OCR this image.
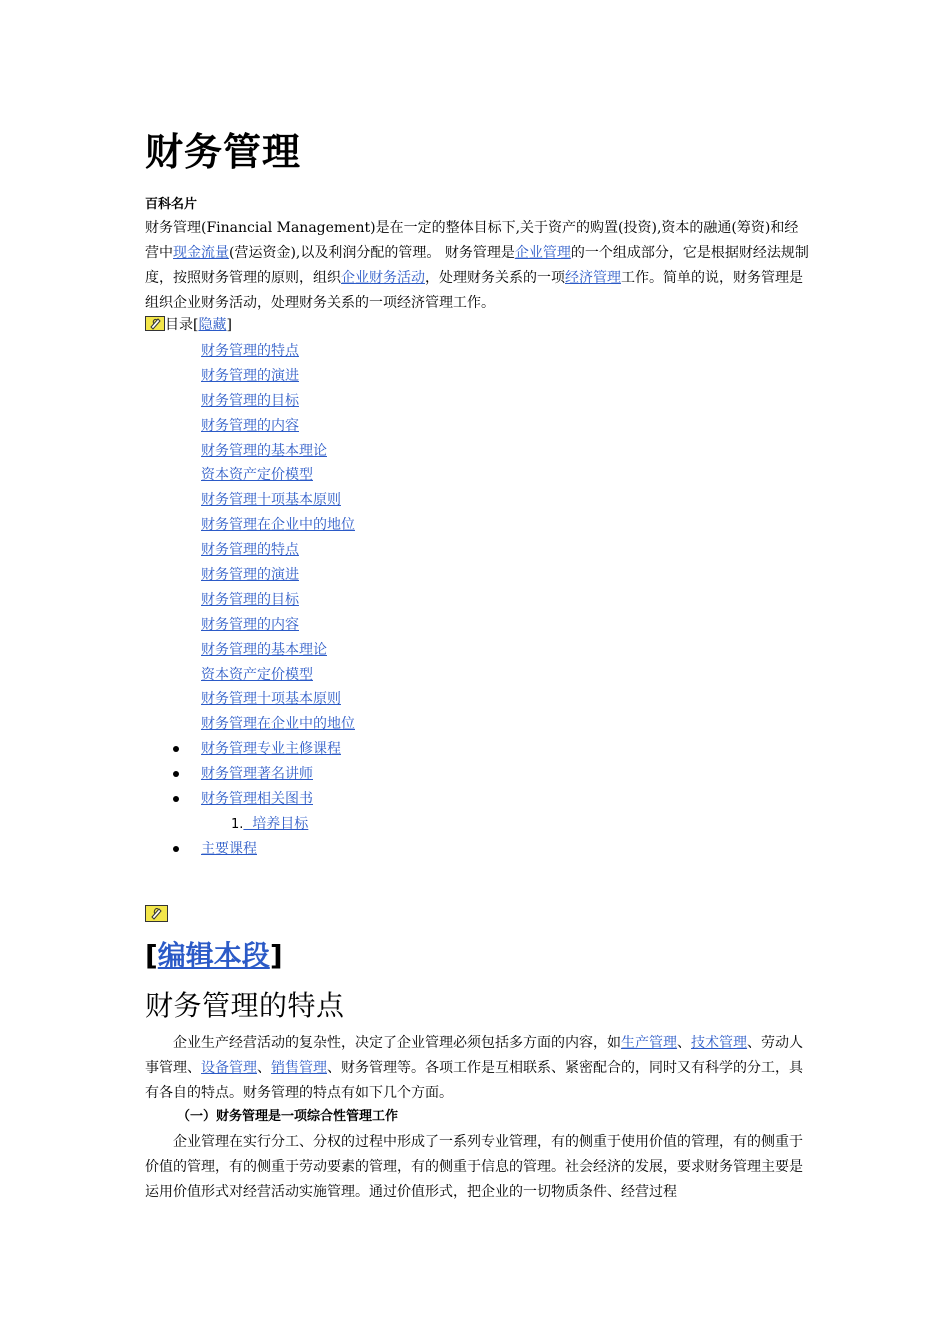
财务管理
百科名片

财务管理(Financial Management)是在一定的整体目标下,关于资产的购置(投资),资本的融通(筹资)和经营中现金流量(营运资金),以及利润分配的管理。 财务管理是企业管理的一个组成部分，它是根据财经法规制度，按照财务管理的原则，组织企业财务活动，处理财务关系的一项经济管理工作。简单的说，财务管理是组织企业财务活动，处理财务关系的一项经济管理工作。

目录[隐藏]
财务管理的特点
财务管理的演进
财务管理的目标
财务管理的内容
财务管理的基本理论
资本资产定价模型
财务管理十项基本原则
财务管理在企业中的地位
财务管理的特点
财务管理的演进
财务管理的目标
财务管理的内容
财务管理的基本理论
资本资产定价模型
财务管理十项基本原则
财务管理在企业中的地位
财务管理专业主修课程
财务管理著名讲师
财务管理相关图书
1.  培养目标
主要课程
[编辑本段]
财务管理的特点

企业生产经营活动的复杂性，决定了企业管理必须包括多方面的内容，如生产管理、技术管理、劳动人事管理、设备管理、销售管理、财务管理等。各项工作是互相联系、紧密配合的，同时又有科学的分工，具有各自的特点。财务管理的特点有如下几个方面。

（一）财务管理是一项综合性管理工作

企业管理在实行分工、分权的过程中形成了一系列专业管理，有的侧重于使用价值的管理，有的侧重于价值的管理，有的侧重于劳动要素的管理，有的侧重于信息的管理。社会经济的发展，要求财务管理主要是运用价值形式对经营活动实施管理。通过价值形式，把企业的一切物质条件、经营过程
